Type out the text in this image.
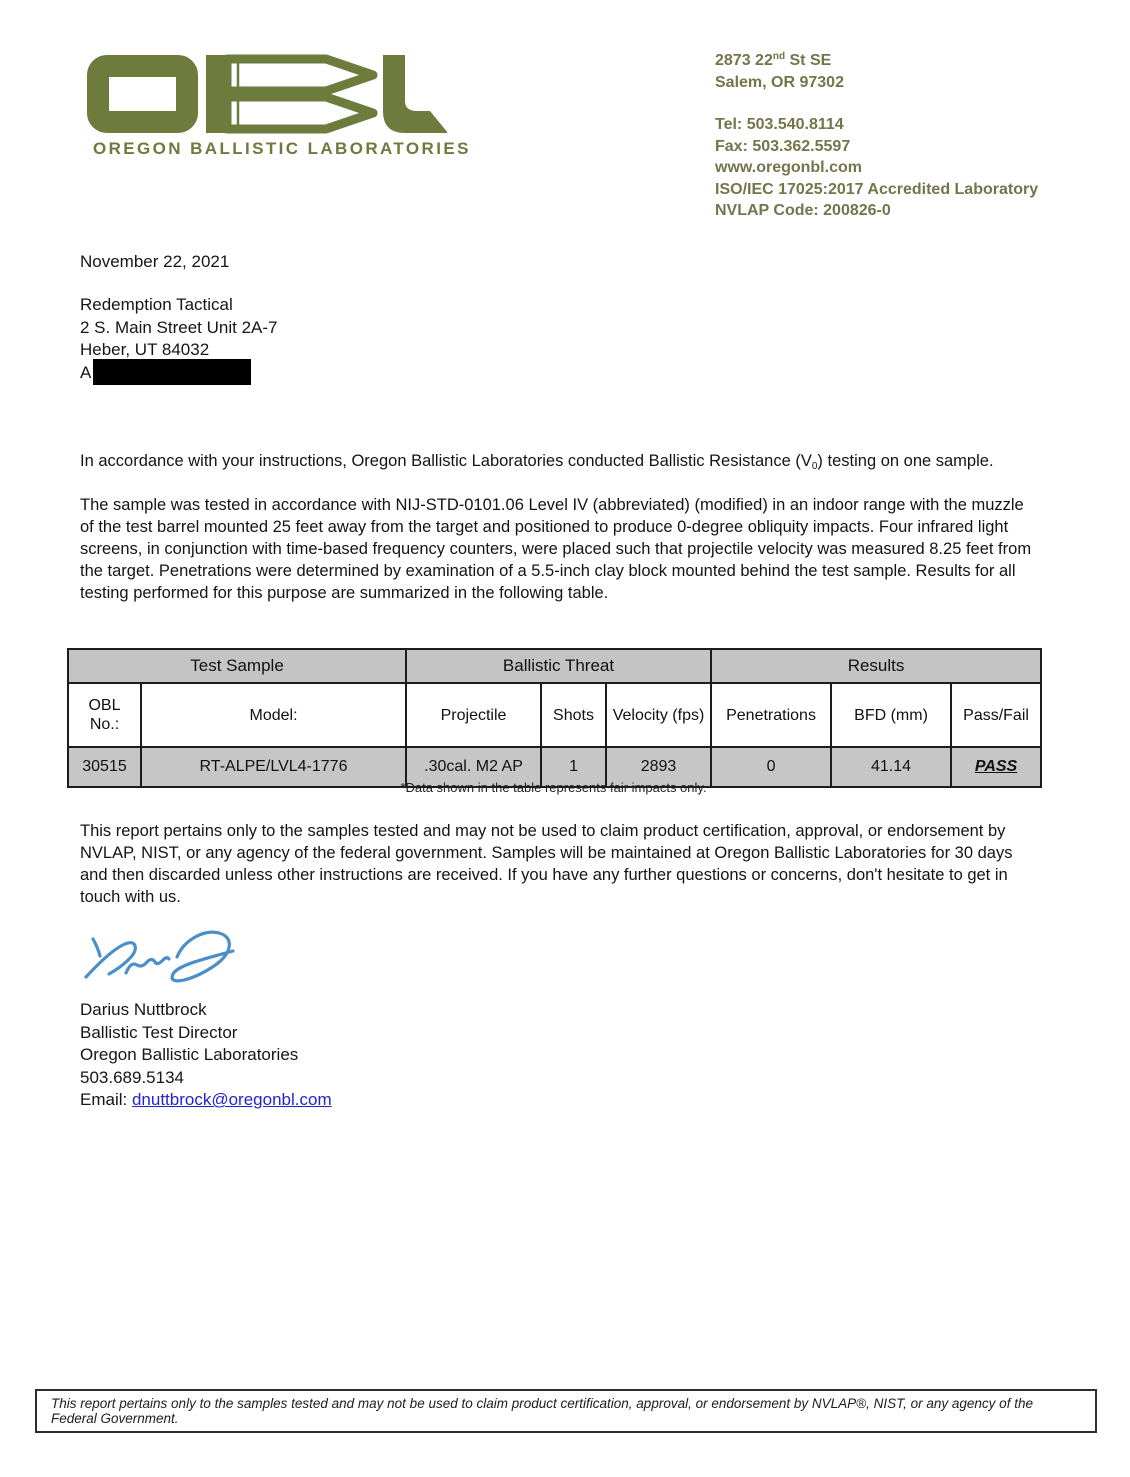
OREGON BALLISTIC LABORATORIES
2873 22nd St SE
Salem, OR 97302
Tel: 503.540.8114
Fax: 503.362.5597
www.oregonbl.com
ISO/IEC 17025:2017 Accredited Laboratory
NVLAP Code: 200826-0
November 22, 2021
Redemption Tactical
2 S. Main Street Unit 2A-7
Heber, UT 84032
A
In accordance with your instructions, Oregon Ballistic Laboratories conducted Ballistic Resistance $(V_0)$ testing on one sample.
The sample was tested in accordance with NIJ-STD-0101.06 Level IV (abbreviated) (modified) in an indoor range with the muzzle of the test barrel mounted 25 feet away from the target and positioned to produce 0-degree obliquity impacts. Four infrared light screens, in conjunction with time-based frequency counters, were placed such that projectile velocity was measured 8.25 feet from the target. Penetrations were determined by examination of a 5.5-inch clay block mounted behind the test sample. Results for all testing performed for this purpose are summarized in the following table.
Test Sample		Ballistic Threat			Results		
OBL No.:	Model:	Projectile	Shots	Velocity (fps)	Penetrations	BFD (mm)	Pass/Fail
30515	RT-ALPE/LVL4-1776	.30cal. M2 AP	1	2893	0	41.14	PASS
*Data shown in the table represents fair impacts only.
This report pertains only to the samples tested and may not be used to claim product certification, approval, or endorsement by NVLAP, NIST, or any agency of the federal government. Samples will be maintained at Oregon Ballistic Laboratories for 30 days and then discarded unless other instructions are received. If you have any further questions or concerns, don't hesitate to get in touch with us.
Darius Nuttbrock
Ballistic Test Director
Oregon Ballistic Laboratories
503.689.5134
Email: dnuttbrock@oregonbl.com
This report pertains only to the samples tested and may not be used to claim product certification, approval, or endorsement by NVLAP®, NIST, or any agency of the Federal Government.
